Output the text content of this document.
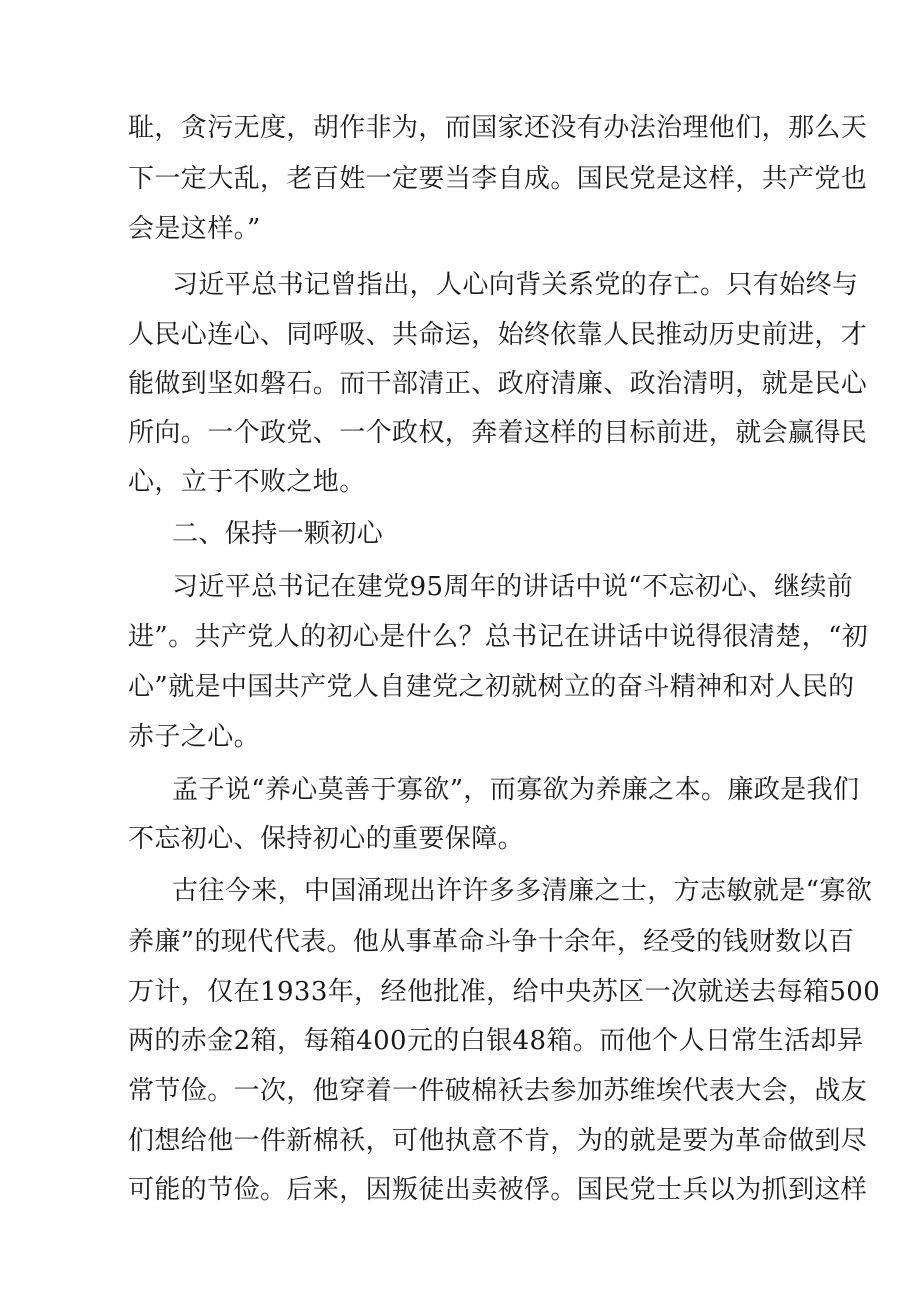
耻，贪污无度，胡作非为，而国家还没有办法治理他们，那么天
下一定大乱，老百姓一定要当李自成。国民党是这样，共产党也
会是这样。”
习近平总书记曾指出，人心向背关系党的存亡。只有始终与
人民心连心、同呼吸、共命运，始终依靠人民推动历史前进，才
能做到坚如磐石。而干部清正、政府清廉、政治清明，就是民心
所向。一个政党、一个政权，奔着这样的目标前进，就会赢得民
心，立于不败之地。
二、保持一颗初心
习近平总书记在建党95周年的讲话中说“不忘初心、继续前
进”。共产党人的初心是什么？总书记在讲话中说得很清楚，“初
心”就是中国共产党人自建党之初就树立的奋斗精神和对人民的
赤子之心。
孟子说“养心莫善于寡欲”，而寡欲为养廉之本。廉政是我们
不忘初心、保持初心的重要保障。
古往今来，中国涌现出许许多多清廉之士，方志敏就是“寡欲
养廉”的现代代表。他从事革命斗争十余年，经受的钱财数以百
万计，仅在1933年，经他批准，给中央苏区一次就送去每箱500
两的赤金2箱，每箱400元的白银48箱。而他个人日常生活却异
常节俭。一次，他穿着一件破棉袄去参加苏维埃代表大会，战友
们想给他一件新棉袄，可他执意不肯，为的就是要为革命做到尽
可能的节俭。后来，因叛徒出卖被俘。国民党士兵以为抓到这样
